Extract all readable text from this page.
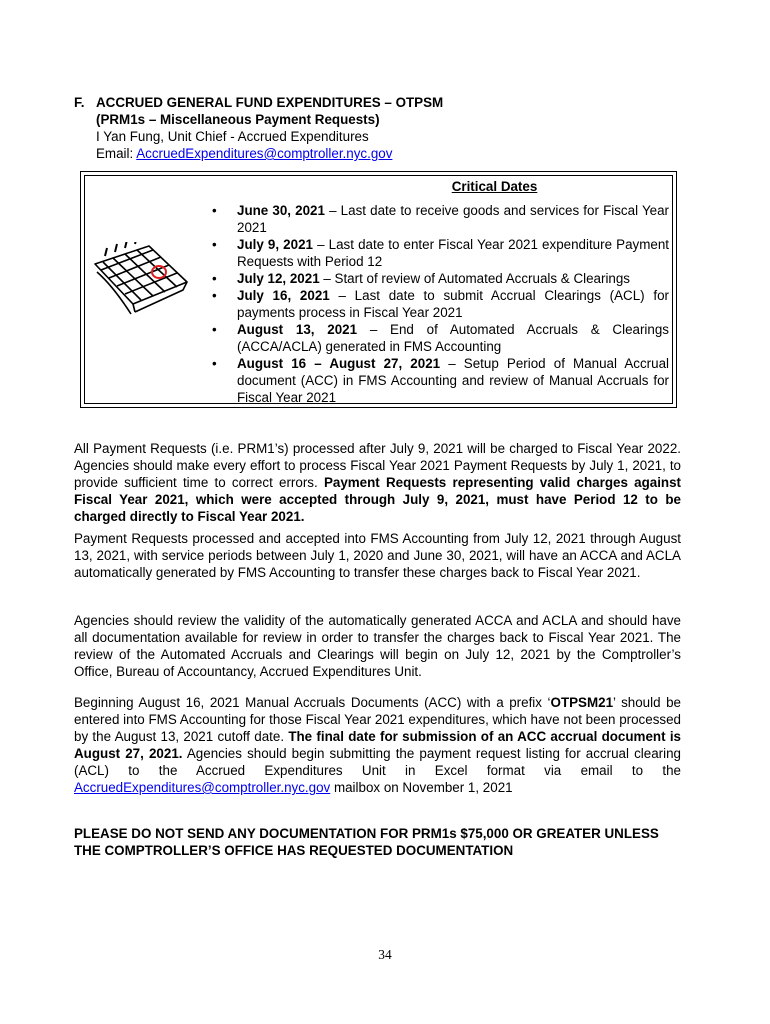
F. ACCRUED GENERAL FUND EXPENDITURES – OTPSM
(PRM1s – Miscellaneous Payment Requests)
I Yan Fung, Unit Chief - Accrued Expenditures
Email: AccruedExpenditures@comptroller.nyc.gov
Critical Dates
• June 30, 2021 – Last date to receive goods and services for Fiscal Year 2021
• July 9, 2021 – Last date to enter Fiscal Year 2021 expenditure Payment Requests with Period 12
• July 12, 2021 – Start of review of Automated Accruals & Clearings
• July 16, 2021 – Last date to submit Accrual Clearings (ACL) for payments process in Fiscal Year 2021
• August 13, 2021 – End of Automated Accruals & Clearings (ACCA/ACLA) generated in FMS Accounting
• August 16 – August 27, 2021 – Setup Period of Manual Accrual document (ACC) in FMS Accounting and review of Manual Accruals for Fiscal Year 2021

All Payment Requests (i.e. PRM1’s) processed after July 9, 2021 will be charged to Fiscal Year 2022. Agencies should make every effort to process Fiscal Year 2021 Payment Requests by July 1, 2021, to provide sufficient time to correct errors. Payment Requests representing valid charges against Fiscal Year 2021, which were accepted through July 9, 2021, must have Period 12 to be charged directly to Fiscal Year 2021.

Payment Requests processed and accepted into FMS Accounting from July 12, 2021 through August 13, 2021, with service periods between July 1, 2020 and June 30, 2021, will have an ACCA and ACLA automatically generated by FMS Accounting to transfer these charges back to Fiscal Year 2021.

Agencies should review the validity of the automatically generated ACCA and ACLA and should have all documentation available for review in order to transfer the charges back to Fiscal Year 2021. The review of the Automated Accruals and Clearings will begin on July 12, 2021 by the Comptroller’s Office, Bureau of Accountancy, Accrued Expenditures Unit.

Beginning August 16, 2021 Manual Accruals Documents (ACC) with a prefix ‘OTPSM21’ should be entered into FMS Accounting for those Fiscal Year 2021 expenditures, which have not been processed by the August 13, 2021 cutoff date. The final date for submission of an ACC accrual document is August 27, 2021. Agencies should begin submitting the payment request listing for accrual clearing (ACL) to the Accrued Expenditures Unit in Excel format via email to the AccruedExpenditures@comptroller.nyc.gov mailbox on November 1, 2021

PLEASE DO NOT SEND ANY DOCUMENTATION FOR PRM1s $75,000 OR GREATER UNLESS THE COMPTROLLER’S OFFICE HAS REQUESTED DOCUMENTATION

34
